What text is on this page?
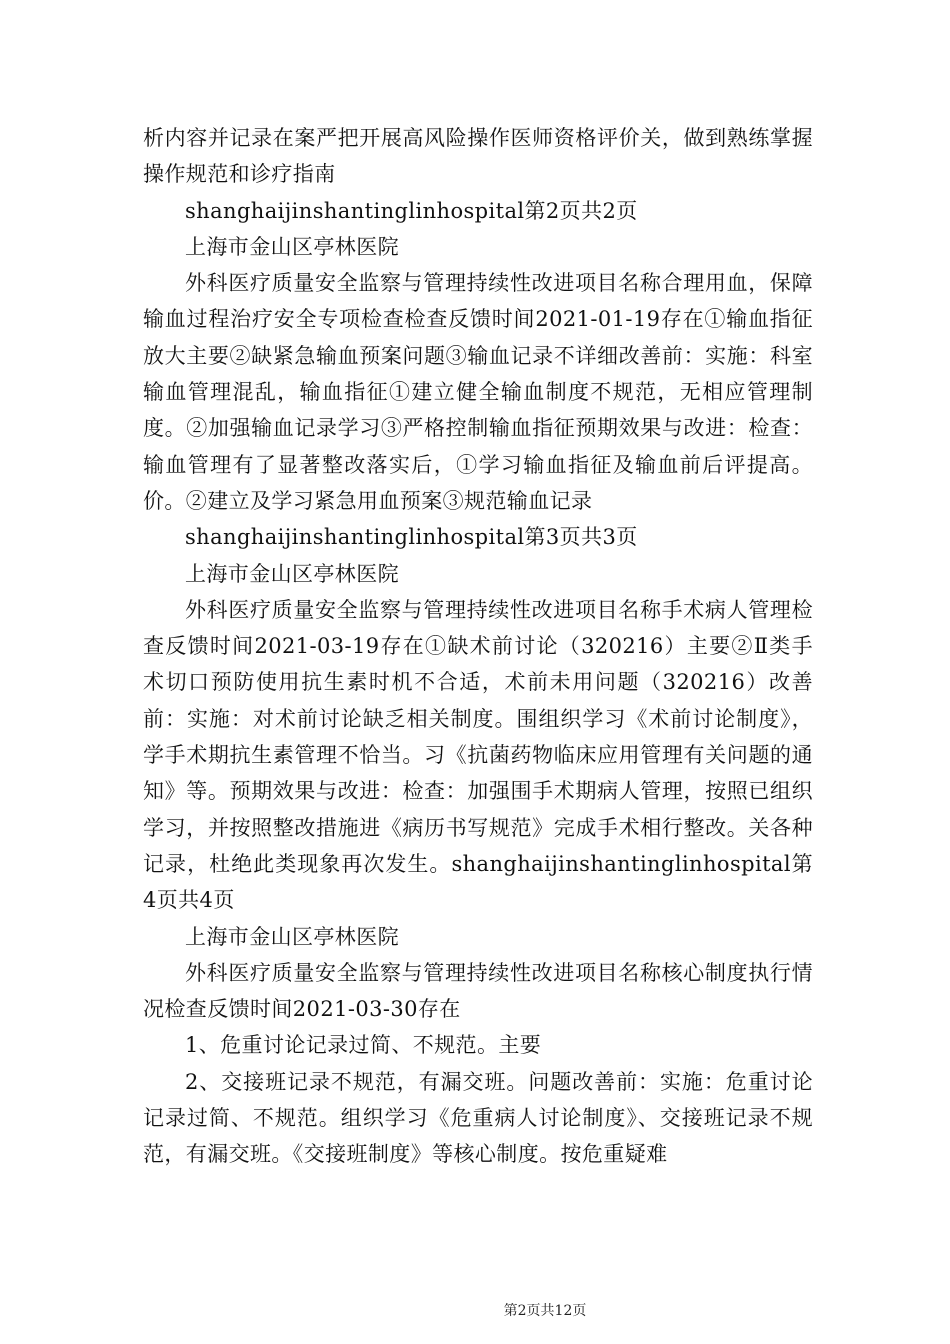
析内容并记录在案严把开展高风险操作医师资格评价关，做到熟练掌握操作规范和诊疗指南

shanghaijinshantinglinhospital第2页共2页

上海市金山区亭林医院

外科医疗质量安全监察与管理持续性改进项目名称合理用血，保障输血过程治疗安全专项检查检查反馈时间2021-01-19存在①输血指征放大主要②缺紧急输血预案问题③输血记录不详细改善前：实施：科室输血管理混乱，输血指征①建立健全输血制度不规范，无相应管理制度。②加强输血记录学习③严格控制输血指征预期效果与改进：检查：输血管理有了显著整改落实后，①学习输血指征及输血前后评提高。价。②建立及学习紧急用血预案③规范输血记录

shanghaijinshantinglinhospital第3页共3页

上海市金山区亭林医院

外科医疗质量安全监察与管理持续性改进项目名称手术病人管理检查反馈时间2021-03-19存在①缺术前讨论（320216）主要②Ⅱ类手术切口预防使用抗生素时机不合适，术前未用问题（320216）改善前：实施：对术前讨论缺乏相关制度。围组织学习《术前讨论制度》，学手术期抗生素管理不恰当。习《抗菌药物临床应用管理有关问题的通知》等。预期效果与改进：检查：加强围手术期病人管理，按照已组织学习，并按照整改措施进《病历书写规范》完成手术相行整改。关各种记录，杜绝此类现象再次发生。shanghaijinshantinglinhospital第4页共4页

上海市金山区亭林医院

外科医疗质量安全监察与管理持续性改进项目名称核心制度执行情况检查反馈时间2021-03-30存在

1、危重讨论记录过简、不规范。主要

2、交接班记录不规范，有漏交班。问题改善前：实施：危重讨论记录过简、不规范。组织学习《危重病人讨论制度》、交接班记录不规范，有漏交班。《交接班制度》等核心制度。按危重疑难

第2页共12页
